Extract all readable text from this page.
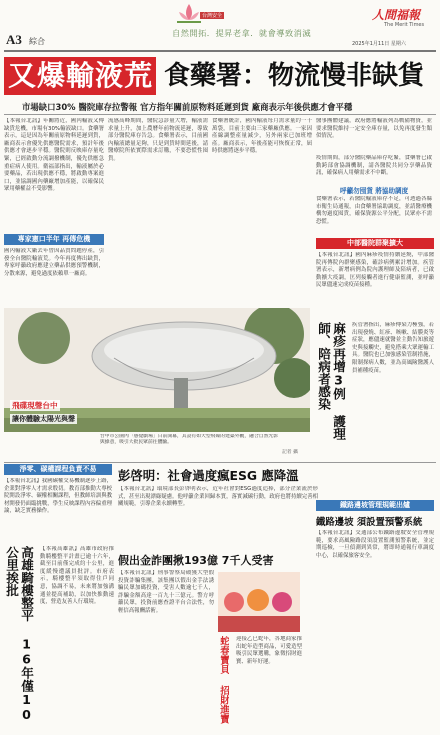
A3 綜合
台灣安全
自然開拓．提昇老拿．就會導致消滅
人間福報
The Merit Times
2025年1月11日 星期六
又爆輸液荒 食藥署：物流慢非缺貨
市場缺口30% 醫院庫存拉警報 官方指年關前原物料延遲到貨 廠商表示年後供應才會平穩
【本報台北訊】年關將近，國內輸液又傳缺貨危機，市場有30%輸液缺口。食藥署表示，這是因為年關前原物料延遲到貨，廠商表示會優先供應醫院需求，預計年後供應才會逐步平穩。醫院則反映庫存量吃緊，已經啟動分流調撥機制，優先供應急重症病人使用。衛福部指出，輸液屬於必要藥品，若出現供應不穩，將啟動專案進口，並協調國內藥廠增加產能，以確保民眾用藥權益不受影響。
流感高峰期間，醫院急診量大增，輸液需求量上升，加上農曆年前物流延遲，導致部分醫院庫存告急。食藥署表示，目前國內輸液總量足夠，只是到貨時間延後，請醫療院所依實際需求訂購，不要恐慌性囤貨。
食藥署統計，國內輸液每月需求量約一千萬袋，目前主要由三家藥廠供應。一家因產線調整產量減少，另外兩家已加班增產。廠商表示，年後產能可恢復正常，屆時供應將逐步平穩。
醫事團體建議，政府應將輸液列為戰備物資，並要求醫院維持一定安全庫存量，以免再度發生類似情況。
疫情期間，部分醫院藥品庫存吃緊，食藥署已啟動跨部會協調機制，請各醫院共同分享藥品資訊，確保病人用藥需求不中斷。
呼籲勿囤貨 將協助調度
食藥署表示，若醫院輸液庫存不足，可透過各縣市衛生局通報，由食藥署協助調度，並請醫療機構勿過度囤貨，確保資源公平分配，民眾亦不需恐慌。
專家憲口半年 再傳危機
國內輸液大廠去年曾因品質問題停產，引發全台醫院輸液荒。今年再度傳出缺貨，專家呼籲政府應建立藥品供應預警機制，分散來源，避免過度依賴單一廠商。
飛碟現聲台中
讓你體驗太陽光與聲
台中市公園內「感覺劇場」日前開幕，其設有如大型飛碟的建築外觀，融合自然光影與綠意，吸引大批民眾前往體驗。
記者 攝
中部醫院群聚擴大
【本報台北訊】國內麻疹疫情持續延燒，中部醫院再傳院內群聚感染，確診病例累計增加。疾管署表示，新增病例為院內護理師及陪病者，已啟動擴大疫調，匡列接觸者進行健康監測，並呼籲民眾儘速完成疫苗接種。
麻疹再增3例 護理師、陪病者感染	疾管署指出，麻疹傳染力極強，若出現發燒、紅疹、咳嗽、結膜炎等症狀，應儘速就醫並主動告知旅遊史與接觸史，避免搭乘大眾運輸工具。醫院也已加強感染管制措施，限制探病人數，並為高風險醫護人員補種疫苗。
淨零、碳權課程負責不易
【本報台北訊】我國碳權交易機制逐步上路，企業對淨零人才需求殷切。教育部推動大專校院開設淨零、碳權相關課程，但教師培訓與教材開發仍面臨挑戰，學生反映課程內容偏重理論，缺乏實務操作。
高雄騎樓整平 16年僅10公里挨批	【本報高雄訊】高雄市政府推動騎樓整平計畫已逾十六年，截至目前僅完成約十公里，進度緩慢遭議員批評。市府表示，騎樓整平須取得住戶同意，協調不易，未來將加強溝通並提高補助，以加快推動速度，營造友善人行環境。
彭啓明：社會過度瘋ESG 應降溫
【本報台北訊】環境部長彭啓明表示，近年社會對ESG過度追捧，部分企業流於形式，甚至出現漂綠疑慮。他呼籲企業回歸本質，落實減碳行動，政府也將持續完善相關規範，引導企業永續轉型。
假出金詐團揪193億 7千人受害
【本報台北訊】刑事警察局破獲大型假投資詐騙集團，該集團以假出金手法誘騙民眾加碼投資，受害人數逾七千人，詐騙金額高達一百九十三億元。警方呼籲民眾，投資前應查證平台合法性，勿輕信高報酬話術。
蛇春寶貝 招財進寶 迎接乙巳蛇年，各地商家推出蛇年造型商品，可愛造型吸引民眾選購，象徵招財進寶、新年好運。
鐵路邊坡管理規範出爐
鐵路邊坡 須設置預警系統
【本報台北訊】交通部公布鐵路邊坡安全管理規範，要求高風險路段須設置監測預警系統，並定期巡檢，一旦偵測到異常，將即時通報行車調度中心，以確保旅客安全。
